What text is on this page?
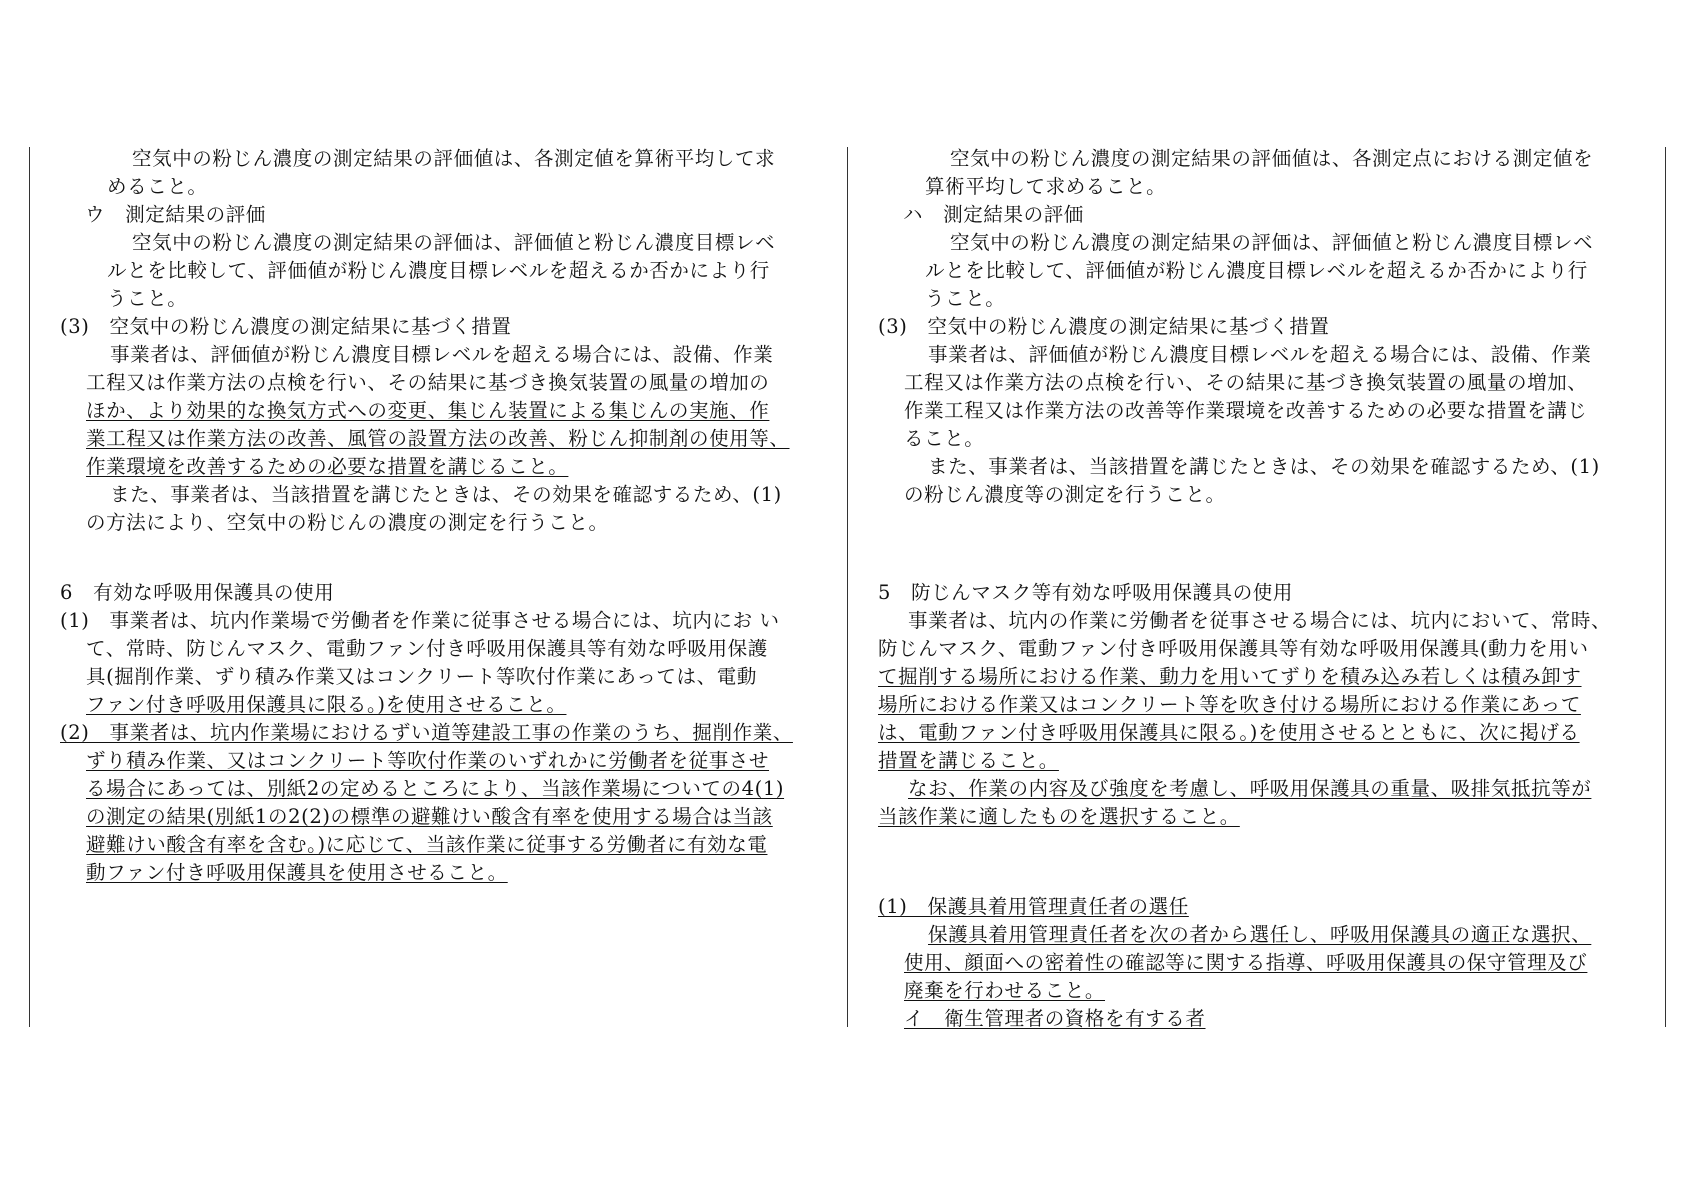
空気中の粉じん濃度の測定結果の評価値は、各測定値を算術平均して求
めること。
ウ　測定結果の評価
空気中の粉じん濃度の測定結果の評価は、評価値と粉じん濃度目標レベ
ルとを比較して、評価値が粉じん濃度目標レベルを超えるか否かにより行
うこと。
(3)　空気中の粉じん濃度の測定結果に基づく措置
事業者は、評価値が粉じん濃度目標レベルを超える場合には、設備、作業
工程又は作業方法の点検を行い、その結果に基づき換気装置の風量の増加の
ほか、より効果的な換気方式への変更、集じん装置による集じんの実施、作
業工程又は作業方法の改善、風管の設置方法の改善、粉じん抑制剤の使用等、
作業環境を改善するための必要な措置を講じること。
また、事業者は、当該措置を講じたときは、その効果を確認するため、(1)
の方法により、空気中の粉じんの濃度の測定を行うこと。
6　有効な呼吸用保護具の使用
(1)　事業者は、坑内作業場で労働者を作業に従事させる場合には、坑内にお い
て、常時、防じんマスク、電動ファン付き呼吸用保護具等有効な呼吸用保護
具(掘削作業、ずり積み作業又はコンクリート等吹付作業にあっては、電動
ファン付き呼吸用保護具に限る。)を使用させること。
(2)　事業者は、坑内作業場におけるずい道等建設工事の作業のうち、掘削作業、
ずり積み作業、又はコンクリート等吹付作業のいずれかに労働者を従事させ
る場合にあっては、別紙2の定めるところにより、当該作業場についての4(1)
の測定の結果(別紙1の2(2)の標準の避難けい酸含有率を使用する場合は当該
避難けい酸含有率を含む。)に応じて、当該作業に従事する労働者に有効な電
動ファン付き呼吸用保護具を使用させること。
空気中の粉じん濃度の測定結果の評価値は、各測定点における測定値を
算術平均して求めること。
ハ　測定結果の評価
空気中の粉じん濃度の測定結果の評価は、評価値と粉じん濃度目標レベ
ルとを比較して、評価値が粉じん濃度目標レベルを超えるか否かにより行
うこと。
(3)　空気中の粉じん濃度の測定結果に基づく措置
事業者は、評価値が粉じん濃度目標レベルを超える場合には、設備、作業
工程又は作業方法の点検を行い、その結果に基づき換気装置の風量の増加、
作業工程又は作業方法の改善等作業環境を改善するための必要な措置を講じ
ること。
また、事業者は、当該措置を講じたときは、その効果を確認するため、(1)
の粉じん濃度等の測定を行うこと。
5　防じんマスク等有効な呼吸用保護具の使用
事業者は、坑内の作業に労働者を従事させる場合には、坑内において、常時、
防じんマスク、電動ファン付き呼吸用保護具等有効な呼吸用保護具(動力を用い
て掘削する場所における作業、動力を用いてずりを積み込み若しくは積み卸す
場所における作業又はコンクリート等を吹き付ける場所における作業にあって
は、電動ファン付き呼吸用保護具に限る。)を使用させるとともに、次に掲げる
措置を講じること。
なお、作業の内容及び強度を考慮し、呼吸用保護具の重量、吸排気抵抗等が
当該作業に適したものを選択すること。
(1)　保護具着用管理責任者の選任
保護具着用管理責任者を次の者から選任し、呼吸用保護具の適正な選択、
使用、顔面への密着性の確認等に関する指導、呼吸用保護具の保守管理及び
廃棄を行わせること。
イ　衛生管理者の資格を有する者
